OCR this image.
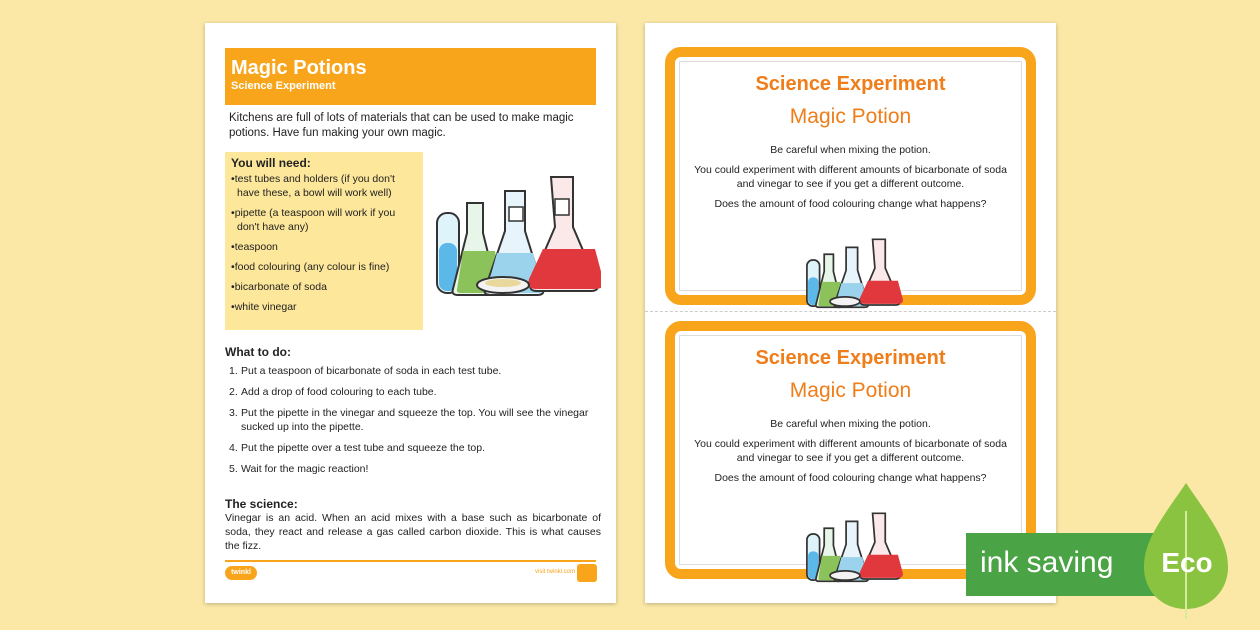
Magic Potions
Science Experiment

Kitchens are full of lots of materials that can be used to make magic potions. Have fun making your own magic.

You will need:
• test tubes and holders (if you don't have these, a bowl will work well)
• pipette (a teaspoon will work if you don't have any)
• teaspoon
• food colouring (any colour is fine)
• bicarbonate of soda
• white vinegar
What to do:
1. Put a teaspoon of bicarbonate of soda in each test tube.
2. Add a drop of food colouring to each tube.
3. Put the pipette in the vinegar and squeeze the top. You will see the vinegar sucked up into the pipette.
4. Put the pipette over a test tube and squeeze the top.
5. Wait for the magic reaction!
The science:

Vinegar is an acid. When an acid mixes with a base such as bicarbonate of soda, they react and release a gas called carbon dioxide. This is what causes the fizz.

twinkl	visit twinkl.com
Science Experiment
Magic Potion

Be careful when mixing the potion.

You could experiment with different amounts of bicarbonate of soda and vinegar to see if you get a different outcome.

Does the amount of food colouring change what happens?

Science Experiment
Magic Potion

Be careful when mixing the potion.

You could experiment with different amounts of bicarbonate of soda and vinegar to see if you get a different outcome.

Does the amount of food colouring change what happens?

ink saving Eco
